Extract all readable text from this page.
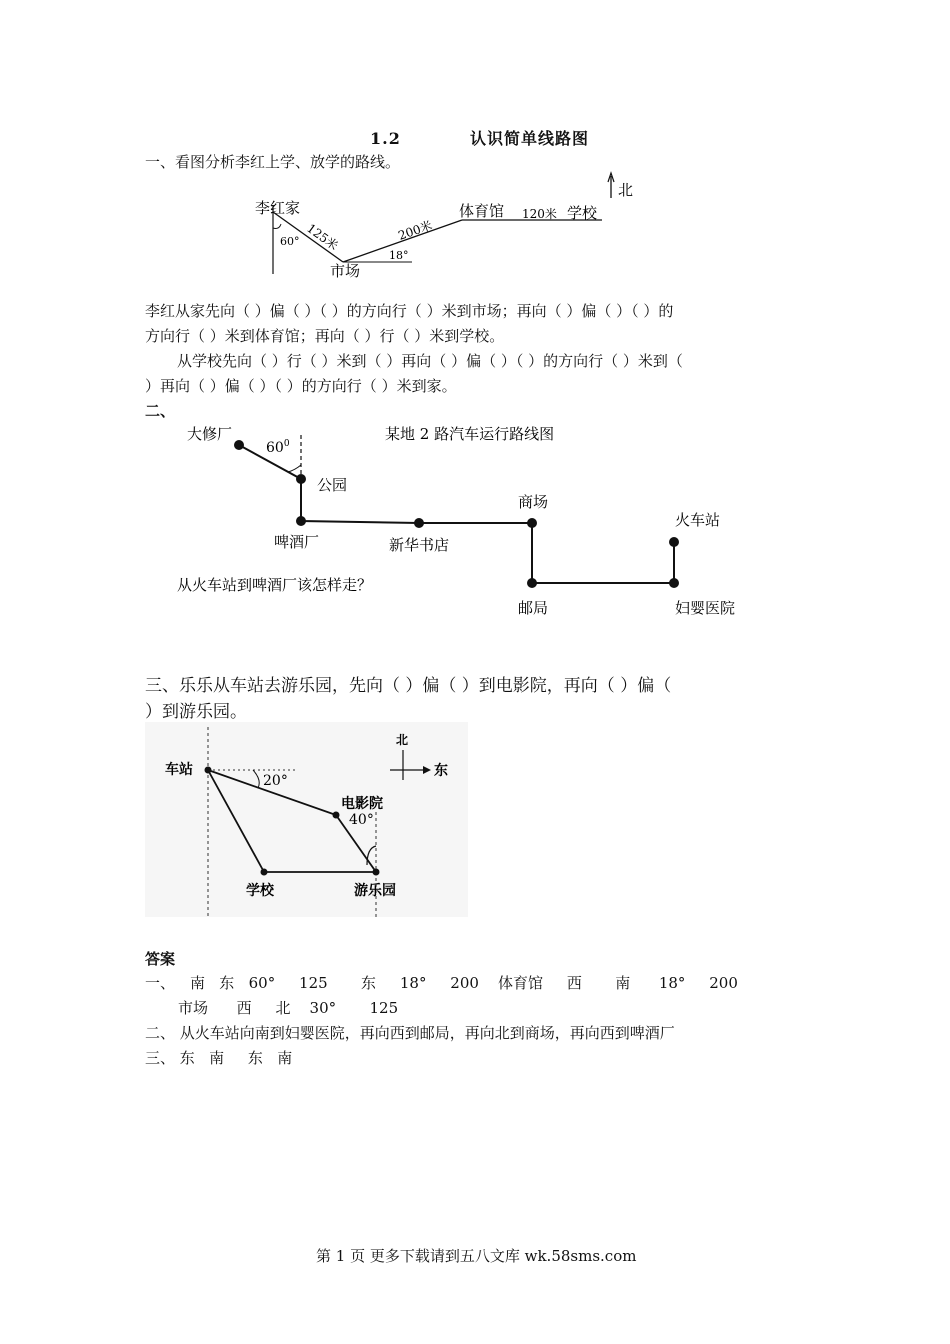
1.2	认识简单线路图
一、看图分析李红上学、放学的路线。
李红家
60° 125米
市场
18°
200米
体育馆 120米 学校
北
李红从家先向（ ）偏（ ）（ ）的方向行（ ）米到市场；再向（ ）偏（ ）（ ）的
方向行（ ）米到体育馆；再向（ ）行（ ）米到学校。
从学校先向（ ）行（ ）米到（ ）再向（ ）偏（ ）（ ）的方向行（ ）米到（
）再向（ ）偏（ ）（ ）的方向行（ ）米到家。
二、
大修厂
$60^0$
某地 2 路汽车运行路线图
公园
啤酒厂	新华书店
商场
火车站
邮局	妇婴医院
从火车站到啤酒厂该怎样走？
三、乐乐从车站去游乐园，先向（ ）偏（ ）到电影院，再向（ ）偏（
）到游乐园。
北
东
车站
20°
电影院
40°
学校	游乐园
答案
一、 南   东   60°     125       东     18°     200    体育馆     西       南      18°     200
市场      西     北    30°       125
二、 从火车站向南到妇婴医院，再向西到邮局，再向北到商场，再向西到啤酒厂
三、 东   南     东   南
第 1 页 更多下载请到五八文库 wk.58sms.com
